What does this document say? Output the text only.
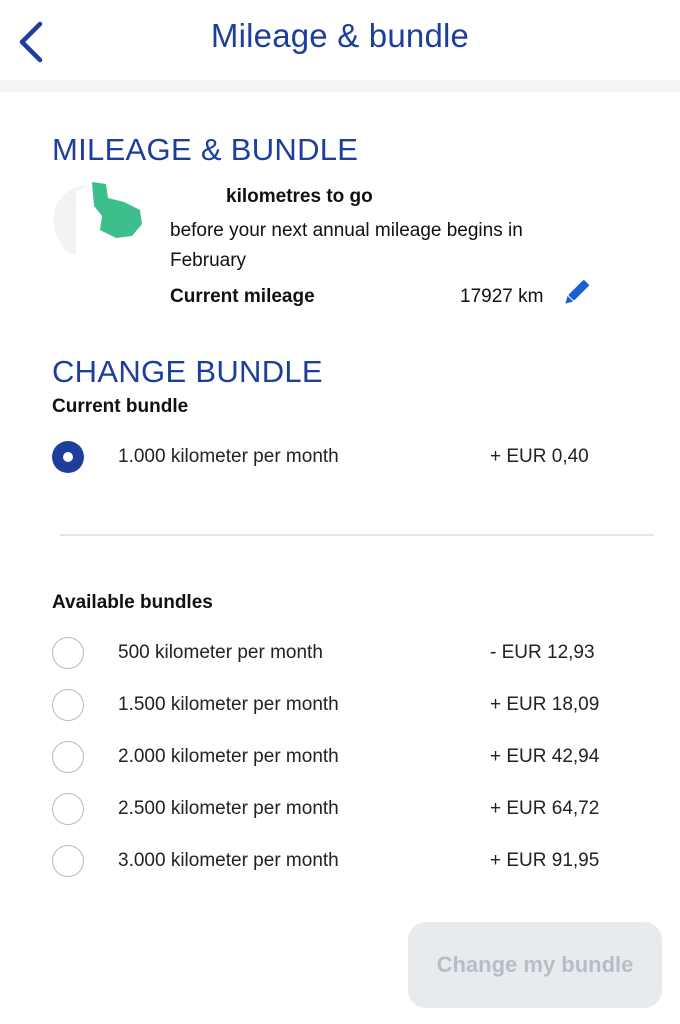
Mileage & bundle
MILEAGE & BUNDLE
kilometres to go
before your next annual mileage begins in February
Current mileage	17927 km
CHANGE BUNDLE
Current bundle
1.000 kilometer per month	+ EUR 0,40
Available bundles
500 kilometer per month	- EUR 12,93
1.500 kilometer per month	+ EUR 18,09
2.000 kilometer per month	+ EUR 42,94
2.500 kilometer per month	+ EUR 64,72
3.000 kilometer per month	+ EUR 91,95
Change my bundle
